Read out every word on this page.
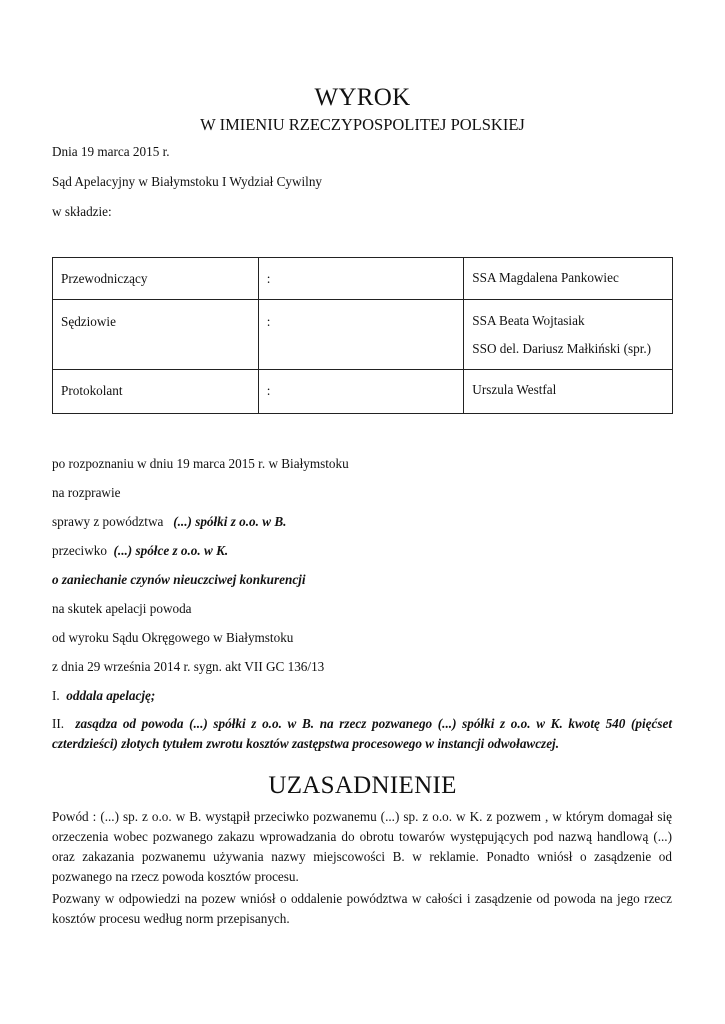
WYROK
W IMIENIU RZECZYPOSPOLITEJ POLSKIEJ
Dnia 19 marca 2015 r.
Sąd Apelacyjny w Białymstoku I Wydział Cywilny
w składzie:
Przewodniczący	:	SSA Magdalena Pankowiec

Sędziowie	:	SSA Beata Wojtasiak
SSO del. Dariusz Małkiński (spr.)

Protokolant	:	Urszula Westfal
po rozpoznaniu w dniu 19 marca 2015 r. w Białymstoku
na rozprawie
sprawy z powództwa (...) spółki z o.o. w B.
przeciwko (...) spółce z o.o. w K.
o zaniechanie czynów nieuczciwej konkurencji
na skutek apelacji powoda
od wyroku Sądu Okręgowego w Białymstoku
z dnia 29 września 2014 r. sygn. akt VII GC 136/13
I. oddala apelację;
II. zasądza od powoda (...) spółki z o.o. w B. na rzecz pozwanego (...) spółki z o.o. w K. kwotę 540 (pięćset czterdzieści) złotych tytułem zwrotu kosztów zastępstwa procesowego w instancji odwoławczej.
UZASADNIENIE
Powód : (...) sp. z o.o. w B. wystąpił przeciwko pozwanemu (...) sp. z o.o. w K. z pozwem , w którym domagał się orzeczenia wobec pozwanego zakazu wprowadzania do obrotu towarów występujących pod nazwą handlową (...) oraz zakazania pozwanemu używania nazwy miejscowości B. w reklamie. Ponadto wniósł o zasądzenie od pozwanego na rzecz powoda kosztów procesu.
Pozwany w odpowiedzi na pozew wniósł o oddalenie powództwa w całości i zasądzenie od powoda na jego rzecz kosztów procesu według norm przepisanych.
